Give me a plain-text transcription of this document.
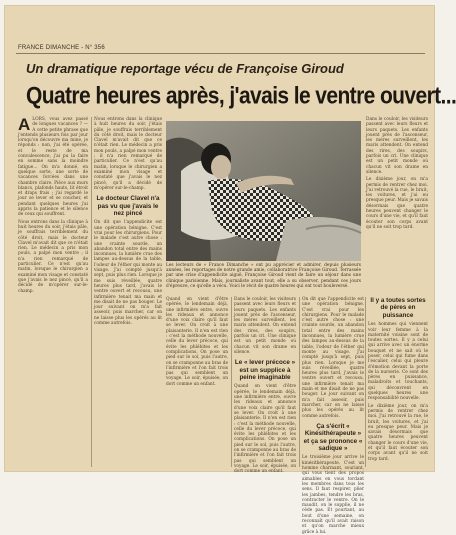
FRANCE DIMANCHE - N° 356
Un dramatique reportage vécu de Françoise Giroud
Quatre heures après, j'avais le ventre ouvert...
A LORS, vous avez passé de longues vacances ? — A cette petite phrase que j'entends plusieurs fois par jour lorsqu'on découvre ma mine, je réponds : non, j'ai été opérée, et le reste de ma convalescence, j'ai pu la faire en somme sans la moindre fatigue... On m'a donné, en quelque sorte, une sorte de vacances forcées dans une chambre claire. Pièce aux murs blancs, plafonds hauts, lit étroit et draps frais ; j'ai regardé le jour se lever et se coucher, et pendant quelques heures j'ai appris la patience et le silence de ceux qui souffrent.
Nous entrons dans la clinique à huit heures du soir, j'étais pâle, je souffrais terriblement du côté droit, mais le docteur Clavel m'avait dit que ce n'était rien. Le médecin a pris mon pouls, a palpé mon ventre ; il n'a rien remarqué de particulier. Ce n'est qu'au matin, lorsque le chirurgien a examiné mon visage et constaté que j'avais le nez pincé, qu'il a décidé de m'opérer sur-le-champ.
Nous entrons dans la clinique à huit heures du soir, j'étais pâle, je souffrais terriblement du côté droit, mais le docteur Clavel m'avait dit que ce n'était rien. Le médecin a pris mon pouls, a palpé mon ventre ; il n'a rien remarqué de particulier. Ce n'est qu'au matin, lorsque le chirurgien a examiné mon visage et constaté que j'avais le nez pincé, qu'il a décidé de m'opérer sur-le-champ.
Le docteur Clavel n'a pas vu que j'avais le nez pincé
On dit que l'appendicite est une opération bénigne. C'est vrai pour les chirurgiens. Pour le malade c'est autre chose : une crainte sourde, un abandon total entre des mains inconnues, la lumière crue des lampes au-dessus de la table, l'odeur de l'éther qui monte au visage. J'ai compté jusqu'à sept, puis plus rien. Lorsque je me suis réveillée, quatre heures plus tard, j'avais le ventre ouvert et recousu, une infirmière tenait ma main et me disait de ne pas bouger. Le jour suivant on m'a fait asseoir, puis marcher, car on ne laisse plus les opérés au lit comme autrefois.
Les lecteurs de « France Dimanche » ont pu apprécier et admirer, depuis plusieurs années, les reportages de notre grande amie, collaboratrice Françoise Giroud. Terrassée par une crise d'appendicite aiguë, Françoise Giroud vient de faire un séjour dans une clinique parisienne. Mais, journaliste avant tout, elle a su observer, pendant ces jours d'épreuve, ce qu'elle a vécu. Voici le récit de quatre heures qui ont tout bouleversé.
Dans le couloir, les visiteurs passent avec leurs fleurs et leurs paquets. Les enfants jouent près de l'ascenseur, les mères surveillent, les maris attendent. On entend des rires, des soupirs, parfois un cri. Une clinique est un petit monde où chacun vit son drame en silence.
Le dixième jour, on m'a permis de rentrer chez moi. J'ai retrouvé la rue, le bruit, les voitures, et j'ai eu presque peur. Mais je savais désormais que quatre heures peuvent changer le cours d'une vie, et qu'il faut écouter son corps avant qu'il ne soit trop tard.
Quand on vient d'être opérée, le lendemain déjà, une infirmière entre, ouvre les rideaux et annonce d'une voix claire qu'il faut se lever. On croit à une plaisanterie. Il n'en est rien : c'est la méthode nouvelle, celle du lever précoce, qui évite les phlébites et les complications. On pose un pied sur le sol, puis l'autre, on se cramponne au bras de l'infirmière et l'on fait trois pas qui semblent un voyage. Le soir, épuisée, on dort comme un enfant.
Dans le couloir, les visiteurs passent avec leurs fleurs et leurs paquets. Les enfants jouent près de l'ascenseur, les mères surveillent, les maris attendent. On entend des rires, des soupirs, parfois un cri. Une clinique est un petit monde où chacun vit son drame en silence.
Le « lever précoce » est un supplice à peine imaginable
Quand on vient d'être opérée, le lendemain déjà, une infirmière entre, ouvre les rideaux et annonce d'une voix claire qu'il faut se lever. On croit à une plaisanterie. Il n'en est rien : c'est la méthode nouvelle, celle du lever précoce, qui évite les phlébites et les complications. On pose un pied sur le sol, puis l'autre, on se cramponne au bras de l'infirmière et l'on fait trois pas qui semblent un voyage. Le soir, épuisée, on dort comme un enfant.
On dit que l'appendicite est une opération bénigne. C'est vrai pour les chirurgiens. Pour le malade c'est autre chose : une crainte sourde, un abandon total entre des mains inconnues, la lumière crue des lampes au-dessus de la table, l'odeur de l'éther qui monte au visage. J'ai compté jusqu'à sept, puis plus rien. Lorsque je me suis réveillée, quatre heures plus tard, j'avais le ventre ouvert et recousu, une infirmière tenait ma main et me disait de ne pas bouger. Le jour suivant on m'a fait asseoir, puis marcher, car on ne laisse plus les opérés au lit comme autrefois.
Ça s'écrit « Kinésithérapeute » et ça se prononce « sadique »
Le troisième jour arrive le kinésithérapeute. C'est un homme charmant, souriant, qui vous tient des propos aimables en vous tordant les membres dans tous les sens. Il faut respirer, plier les jambes, tendre les bras, contracter le ventre. On le maudit, on le supplie, il ne cède pas. Et pourtant, au bout d'une semaine, on reconnaît qu'il avait raison et qu'on marche mieux grâce à lui.
Il y a toutes sortes de pères en puissance
Les hommes qui viennent voir leur femme à la maternité voisine sont de toutes sortes. Il y a celui qui arrive avec un énorme bouquet et ne sait où le poser, celui qui fume dans l'escalier, celui qui pleure d'émotion devant la porte de la nurserie. Ce sont des pères en puissance, maladroits et touchants, qui découvrent en quelques heures une responsabilité nouvelle.
Le dixième jour, on m'a permis de rentrer chez moi. J'ai retrouvé la rue, le bruit, les voitures, et j'ai eu presque peur. Mais je savais désormais que quatre heures peuvent changer le cours d'une vie, et qu'il faut écouter son corps avant qu'il ne soit trop tard.
